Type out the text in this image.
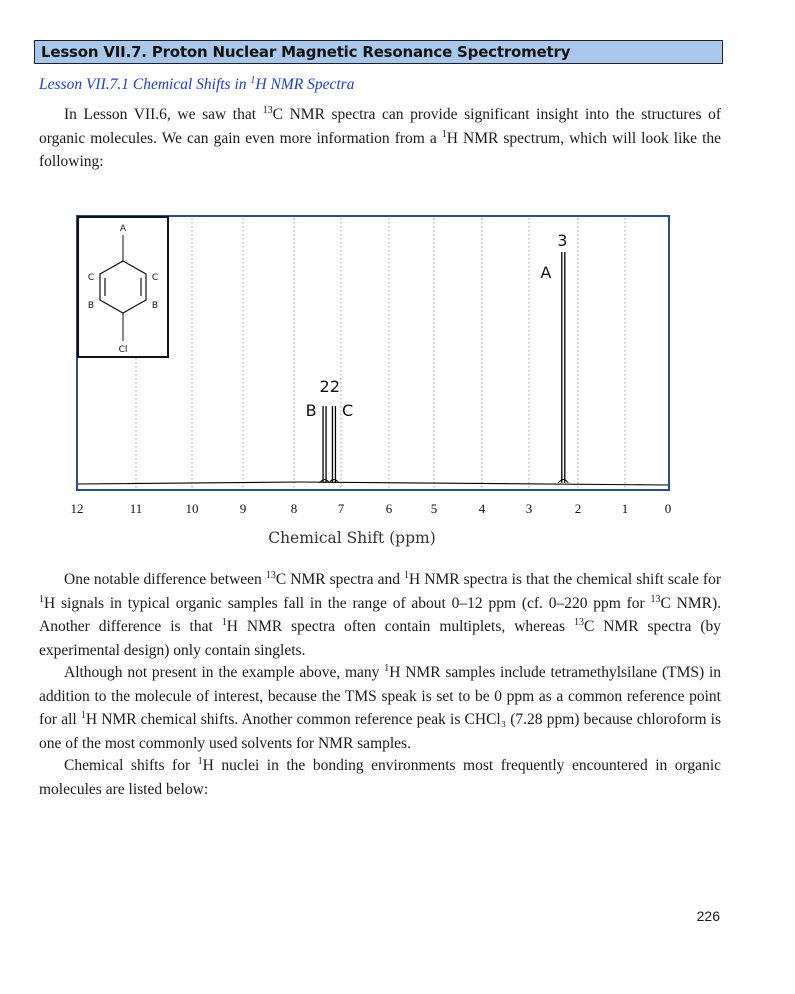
Lesson VII.7. Proton Nuclear Magnetic Resonance Spectrometry
Lesson VII.7.1 Chemical Shifts in $^1$H NMR Spectra

In Lesson VII.6, we saw that $^{13}$C NMR spectra can provide significant insight into the structures of organic molecules. We can gain even more information from a $^1$H NMR spectrum, which will look like the following:

A
C	C
B	B
Cl
2 2
B C
3
A
12	11	10	9	8	7	6	5	4	3	2	1	0
Chemical Shift (ppm)

One notable difference between $^{13}$C NMR spectra and $^1$H NMR spectra is that the chemical shift scale for $^1$H signals in typical organic samples fall in the range of about 0–12 ppm (cf. 0–220 ppm for $^{13}$C NMR). Another difference is that $^1$H NMR spectra often contain multiplets, whereas $^{13}$C NMR spectra (by experimental design) only contain singlets.

Although not present in the example above, many $^1$H NMR samples include tetramethylsilane (TMS) in addition to the molecule of interest, because the TMS speak is set to be 0 ppm as a common reference point for all $^1$H NMR chemical shifts. Another common reference peak is CHCl₃ (7.28 ppm) because chloroform is one of the most commonly used solvents for NMR samples.

Chemical shifts for $^1$H nuclei in the bonding environments most frequently encountered in organic molecules are listed below:

226
